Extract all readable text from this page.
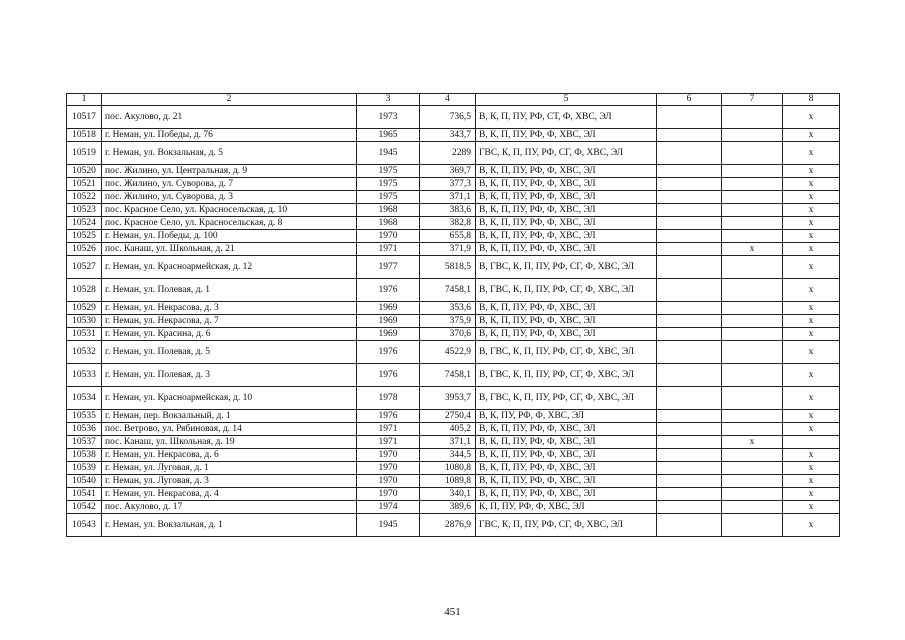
1	2	3	4	5	6	7	8
10517	пос. Акулово, д. 21	1973	736,5	В, К, П, ПУ, РФ, СТ, Ф, ХВС, ЭЛ			х
10518	г. Неман, ул. Победы, д. 76	1965	343,7	В, К, П, ПУ, РФ, Ф, ХВС, ЭЛ			х
10519	г. Неман, ул. Вокзальная, д. 5	1945	2289	ГВС, К, П, ПУ, РФ, СГ, Ф, ХВС, ЭЛ			х
10520	пос. Жилино, ул. Центральная, д. 9	1975	369,7	В, К, П, ПУ, РФ, Ф, ХВС, ЭЛ			х
10521	пос. Жилино, ул. Суворова, д. 7	1975	377,3	В, К, П, ПУ, РФ, Ф, ХВС, ЭЛ			х
10522	пос. Жилино, ул. Суворова, д. 3	1975	371,1	В, К, П, ПУ, РФ, Ф, ХВС, ЭЛ			х
10523	пос. Красное Село, ул. Красносельская, д. 10	1968	383,6	В, К, П, ПУ, РФ, Ф, ХВС, ЭЛ			х
10524	пос. Красное Село, ул. Красносельская, д. 8	1968	382,8	В, К, П, ПУ, РФ, Ф, ХВС, ЭЛ			х
10525	г. Неман, ул. Победы, д. 100	1970	655,8	В, К, П, ПУ, РФ, Ф, ХВС, ЭЛ			х
10526	пос. Канаш, ул. Школьная, д. 21	1971	371,9	В, К, П, ПУ, РФ, Ф, ХВС, ЭЛ		х	х
10527	г. Неман, ул. Красноармейская, д. 12	1977	5818,5	В, ГВС, К, П, ПУ, РФ, СГ, Ф, ХВС, ЭЛ			х
10528	г. Неман, ул. Полевая, д. 1	1976	7458,1	В, ГВС, К, П, ПУ, РФ, СГ, Ф, ХВС, ЭЛ			х
10529	г. Неман, ул. Некрасова, д. 3	1969	353,6	В, К, П, ПУ, РФ, Ф, ХВС, ЭЛ			х
10530	г. Неман, ул. Некрасова, д. 7	1969	375,9	В, К, П, ПУ, РФ, Ф, ХВС, ЭЛ			х
10531	г. Неман, ул. Красина, д. 6	1969	370,6	В, К, П, ПУ, РФ, Ф, ХВС, ЭЛ			х
10532	г. Неман, ул. Полевая, д. 5	1976	4522,9	В, ГВС, К, П, ПУ, РФ, СГ, Ф, ХВС, ЭЛ			х
10533	г. Неман, ул. Полевая, д. 3	1976	7458,1	В, ГВС, К, П, ПУ, РФ, СГ, Ф, ХВС, ЭЛ			х
10534	г. Неман, ул. Красноармейская, д. 10	1978	3953,7	В, ГВС, К, П, ПУ, РФ, СГ, Ф, ХВС, ЭЛ			х
10535	г. Неман, пер. Вокзальный, д. 1	1976	2750,4	В, К, ПУ, РФ, Ф, ХВС, ЭЛ			х
10536	пос. Ветрово, ул. Рябиновая, д. 14	1971	405,2	В, К, П, ПУ, РФ, Ф, ХВС, ЭЛ			х
10537	пос. Канаш, ул. Школьная, д. 19	1971	371,1	В, К, П, ПУ, РФ, Ф, ХВС, ЭЛ		х	
10538	г. Неман, ул. Некрасова, д. 6	1970	344,5	В, К, П, ПУ, РФ, Ф, ХВС, ЭЛ			х
10539	г. Неман, ул. Луговая, д. 1	1970	1080,8	В, К, П, ПУ, РФ, Ф, ХВС, ЭЛ			х
10540	г. Неман, ул. Луговая, д. 3	1970	1089,8	В, К, П, ПУ, РФ, Ф, ХВС, ЭЛ			х
10541	г. Неман, ул. Некрасова, д. 4	1970	340,1	В, К, П, ПУ, РФ, Ф, ХВС, ЭЛ			х
10542	пос. Акулово, д. 17	1974	389,6	К, П, ПУ, РФ, Ф, ХВС, ЭЛ			х
10543	г. Неман, ул. Вокзальная, д. 1	1945	2876,9	ГВС, К, П, ПУ, РФ, СГ, Ф, ХВС, ЭЛ			х
451
